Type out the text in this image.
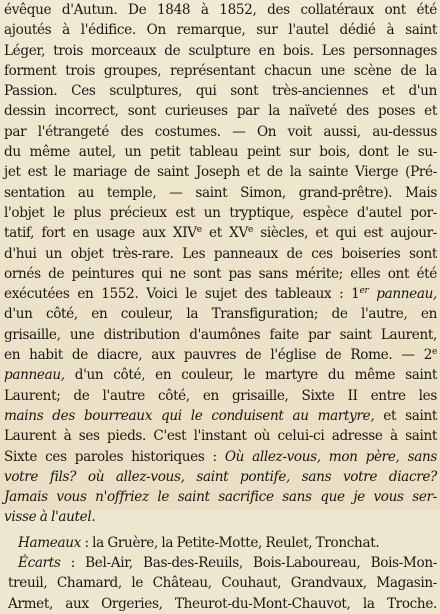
évêque d'Autun. De 1848 à 1852, des collatéraux ont été
ajoutés à l'édifice. On remarque, sur l'autel dédié à saint
Léger, trois morceaux de sculpture en bois. Les personnages
forment trois groupes, représentant chacun une scène de la
Passion. Ces sculptures, qui sont très-anciennes et d'un
dessin incorrect, sont curieuses par la naïveté des poses et
par l'étrangeté des costumes. — On voit aussi, au-dessus
du même autel, un petit tableau peint sur bois, dont le su-
jet est le mariage de saint Joseph et de la sainte Vierge (Pré-
sentation au temple, — saint Simon, grand-prêtre). Mais
l'objet le plus précieux est un tryptique, espèce d'autel por-
tatif, fort en usage aux XIVe et XVe siècles, et qui est aujour-
d'hui un objet très-rare. Les panneaux de ces boiseries sont
ornés de peintures qui ne sont pas sans mérite; elles ont été
exécutées en 1552. Voici le sujet des tableaux : 1er panneau,
d'un côté, en couleur, la Transfiguration; de l'autre, en
grisaille, une distribution d'aumônes faite par saint Laurent,
en habit de diacre, aux pauvres de l'église de Rome. — 2e
panneau, d'un côté, en couleur, le martyre du même saint
Laurent; de l'autre côté, en grisaille, Sixte II entre les
mains des bourreaux qui le conduisent au martyre, et saint
Laurent à ses pieds. C'est l'instant où celui-ci adresse à saint
Sixte ces paroles historiques : Où allez-vous, mon père, sans
votre fils? où allez-vous, saint pontife, sans votre diacre?
Jamais vous n'offriez le saint sacrifice sans que je vous ser-
visse à l'autel.
Hameaux : la Gruère, la Petite-Motte, Reulet, Tronchat.
Écarts : Bel-Air, Bas-des-Reuils, Bois-Laboureau, Bois-Mon-
treuil, Chamard, le Château, Couhaut, Grandvaux, Magasin-
Armet, aux Orgeries, Theurot-du-Mont-Chauvot, la Troche.
